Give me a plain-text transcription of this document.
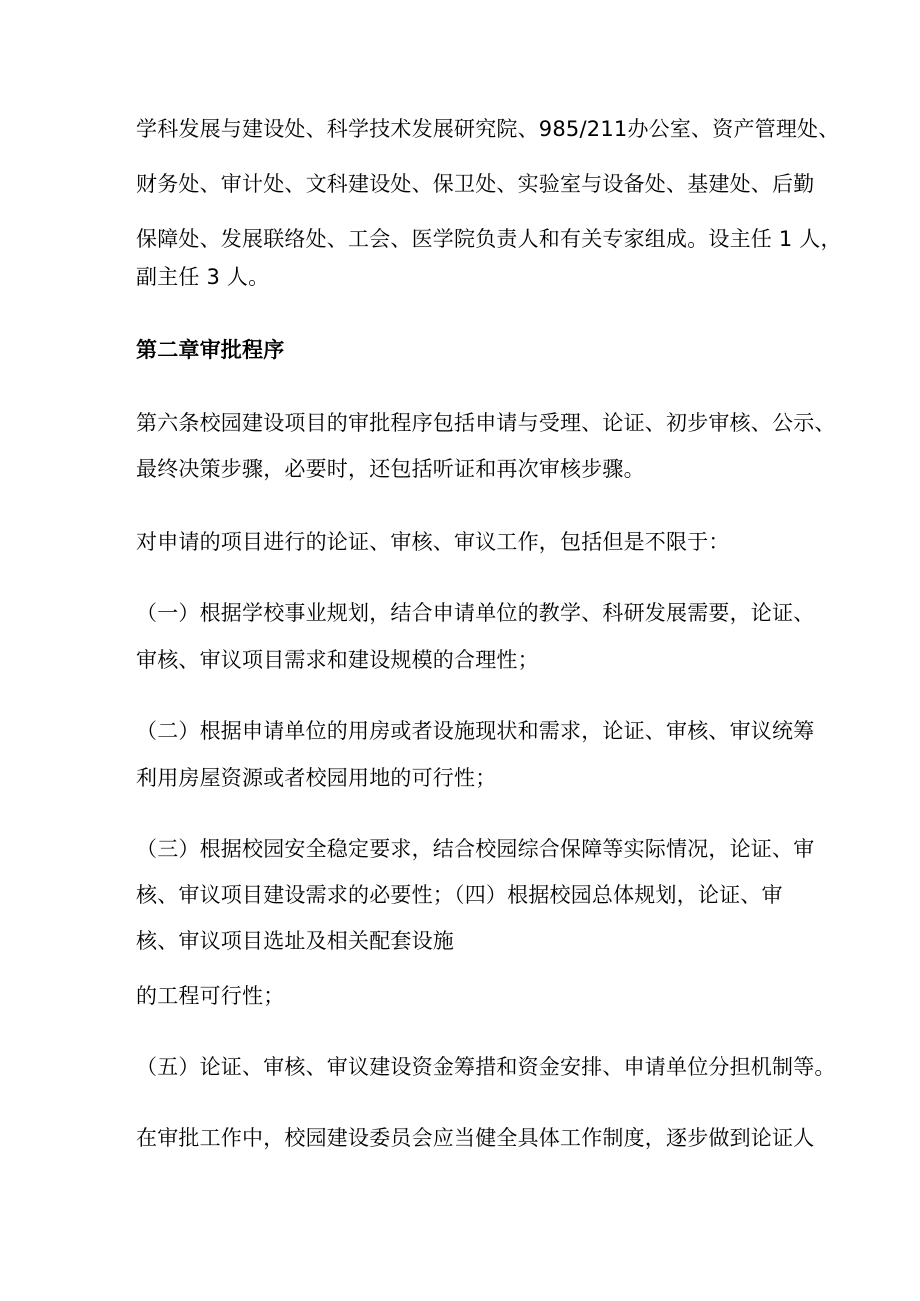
学科发展与建设处、科学技术发展研究院、985/211办公室、资产管理处、
财务处、审计处、文科建设处、保卫处、实验室与设备处、基建处、后勤
保障处、发展联络处、工会、医学院负责人和有关专家组成。设主任 1 人，
副主任 3 人。
第二章审批程序
第六条校园建设项目的审批程序包括申请与受理、论证、初步审核、公示、
最终决策步骤，必要时，还包括听证和再次审核步骤。
对申请的项目进行的论证、审核、审议工作，包括但是不限于：
（一）根据学校事业规划，结合申请单位的教学、科研发展需要，论证、
审核、审议项目需求和建设规模的合理性；
（二）根据申请单位的用房或者设施现状和需求，论证、审核、审议统筹
利用房屋资源或者校园用地的可行性；
（三）根据校园安全稳定要求，结合校园综合保障等实际情况，论证、审
核、审议项目建设需求的必要性；（四）根据校园总体规划，论证、审
核、审议项目选址及相关配套设施
的工程可行性；
（五）论证、审核、审议建设资金筹措和资金安排、申请单位分担机制等。
在审批工作中，校园建设委员会应当健全具体工作制度，逐步做到论证人
